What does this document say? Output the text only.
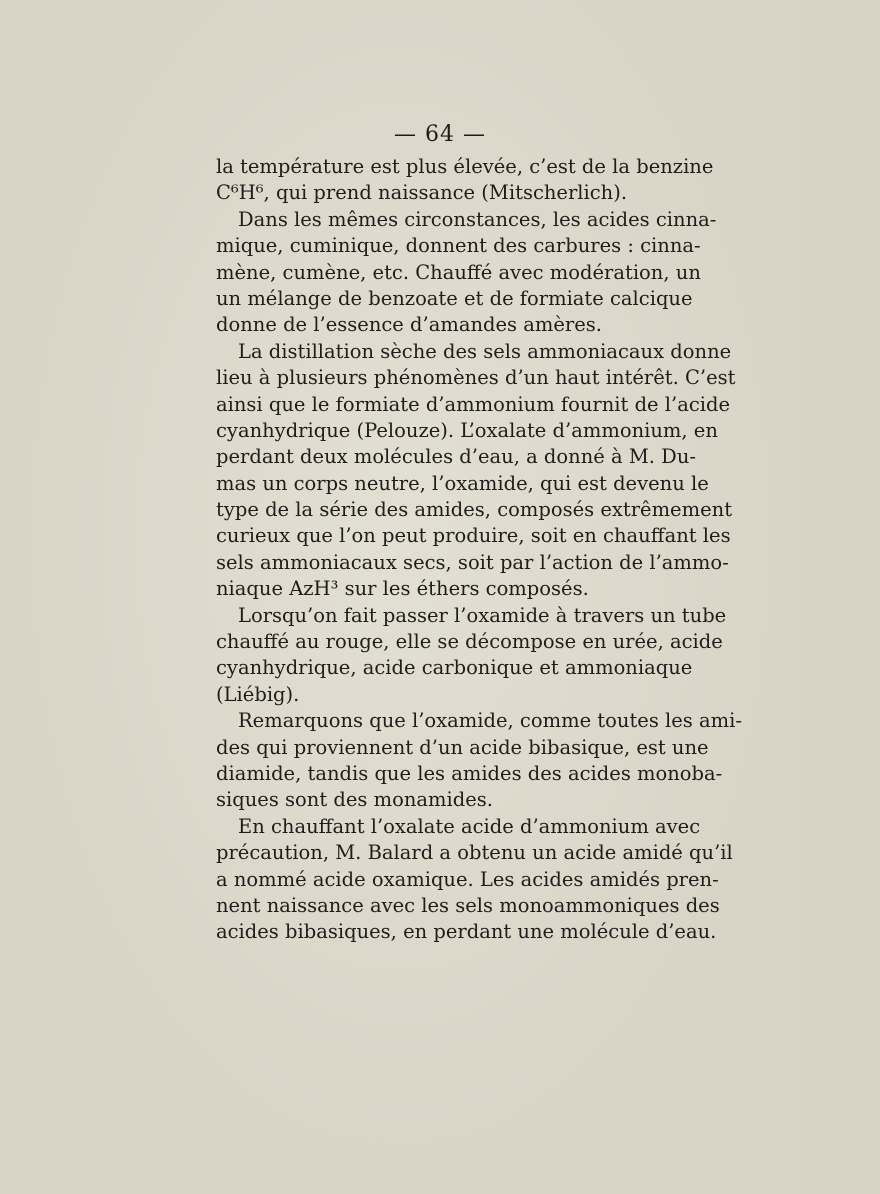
— 64 —
la température est plus élevée, c’est de la benzine
C⁶H⁶, qui prend naissance (Mitscherlich).
Dans les mêmes circonstances, les acides cinna-
mique, cuminique, donnent des carbures : cinna-
mène, cumène, etc. Chauffé avec modération, un
un mélange de benzoate et de formiate calcique
donne de l’essence d’amandes amères.
La distillation sèche des sels ammoniacaux donne
lieu à plusieurs phénomènes d’un haut intérêt. C’est
ainsi que le formiate d’ammonium fournit de l’acide
cyanhydrique (Pelouze). L’oxalate d’ammonium, en
perdant deux molécules d’eau, a donné à M. Du-
mas un corps neutre, l’oxamide, qui est devenu le
type de la série des amides, composés extrêmement
curieux que l’on peut produire, soit en chauffant les
sels ammoniacaux secs, soit par l’action de l’ammo-
niaque AzH³ sur les éthers composés.
Lorsqu’on fait passer l’oxamide à travers un tube
chauffé au rouge, elle se décompose en urée, acide
cyanhydrique, acide carbonique et ammoniaque
(Liébig).
Remarquons que l’oxamide, comme toutes les ami-
des qui proviennent d’un acide bibasique, est une
diamide, tandis que les amides des acides monoba-
siques sont des monamides.
En chauffant l’oxalate acide d’ammonium avec
précaution, M. Balard a obtenu un acide amidé qu’il
a nommé acide oxamique. Les acides amidés pren-
nent naissance avec les sels monoammoniques des
acides bibasiques, en perdant une molécule d’eau.
